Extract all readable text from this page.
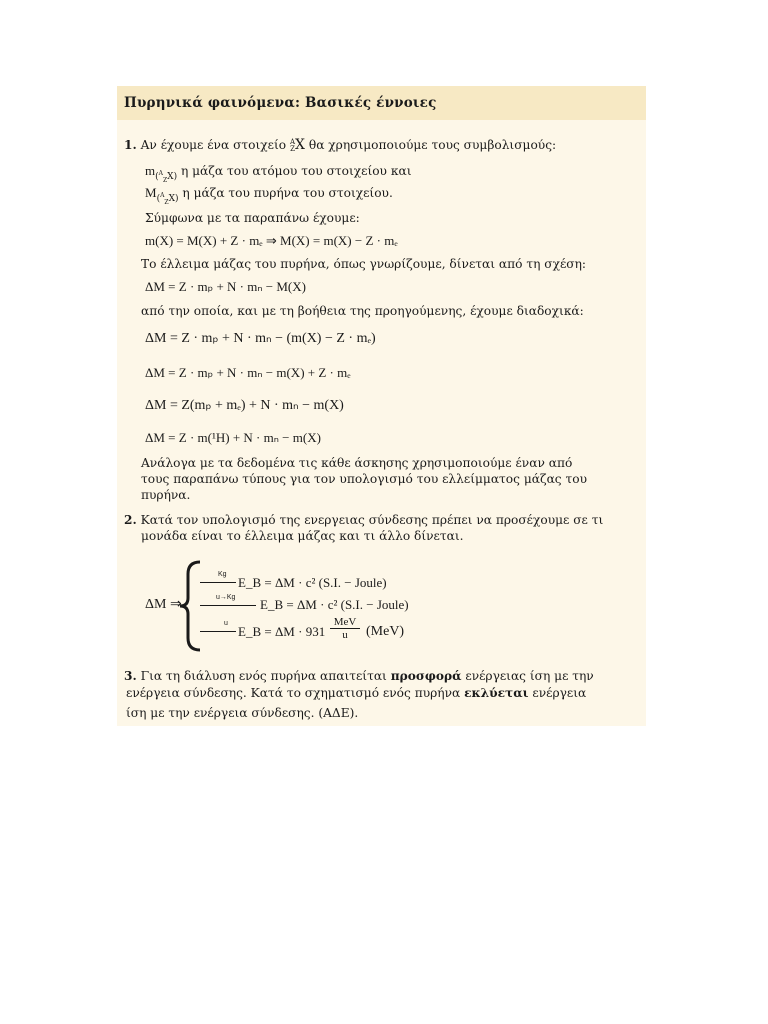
Πυρηνικά φαινόμενα: Βασικές έννοιες
1. Αν έχουμε ένα στοιχείο A
ZX θα χρησιμοποιούμε τους συμβολισμούς:
$m_{(^A_ZX)}$ η μάζα του ατόμου του στοιχείου και
$M_{(^A_ZX)}$ η μάζα του πυρήνα του στοιχείου.
Σύμφωνα με τα παραπάνω έχουμε:
m(X) = M(X) + Z · mₑ ⇒ M(X) = m(X) − Z · mₑ
Το έλλειμα μάζας του πυρήνα, όπως γνωρίζουμε, δίνεται από τη σχέση:
ΔM = Z · mₚ + N · mₙ − M(X)
από την οποία, και με τη βοήθεια της προηγούμενης, έχουμε διαδοχικά:
ΔM = Z · mₚ + N · mₙ − (m(X) − Z · mₑ)
ΔM = Z · mₚ + N · mₙ − m(X) + Z · mₑ
ΔM = Z(mₚ + mₑ) + N · mₙ − m(X)
ΔM = Z · m(¹H) + N · mₙ − m(X)
Ανάλογα με τα δεδομένα τις κάθε άσκησης χρησιμοποιούμε έναν από
τους παραπάνω τύπους για τον υπολογισμό του ελλείμματος μάζας του
πυρήνα.
2. Κατά τον υπολογισμό της ενεργειας σύνδεσης πρέπει να προσέχουμε σε τι
μονάδα είναι το έλλειμα μάζας και τι άλλο δίνεται.
ΔM ⇒
Kg
E_B = ΔM · c² (S.I. − Joule)
u→Kg E_B = ΔM · c² (S.I. − Joule)
u
E_B = ΔM · 931
MeV
u	(MeV)
3. Για τη διάλυση ενός πυρήνα απαιτείται προσφορά ενέργειας ίση με την
ενέργεια σύνδεσης. Κατά το σχηματισμό ενός πυρήνα εκλύεται ενέργεια
ίση με την ενέργεια σύνδεσης. (ΑΔΕ).
